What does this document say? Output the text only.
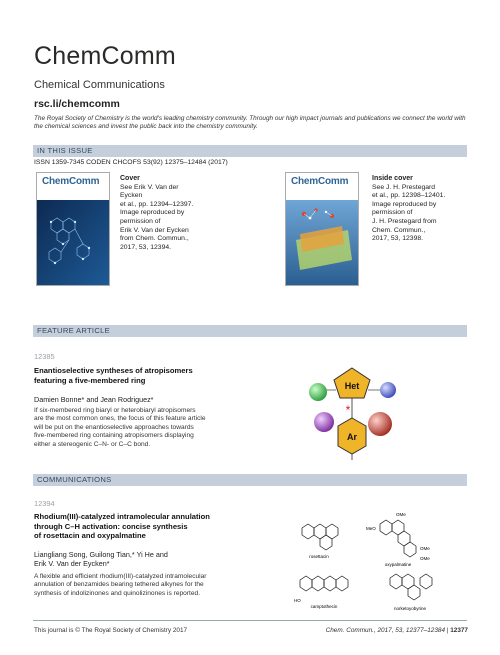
ChemComm
Chemical Communications
rsc.li/chemcomm
The Royal Society of Chemistry is the world's leading chemistry community. Through our high impact journals and publications we connect the world with the chemical sciences and invest the public back into the chemistry community.
IN THIS ISSUE
ISSN 1359-7345 CODEN CHCOFS 53(92) 12375–12484 (2017)
ChemComm	Cover
See Erik V. Van der Eycken
et al., pp. 12394–12397.
Image reproduced by
permission of
Erik V. Van der Eycken
from Chem. Commun.,
2017, 53, 12394.
ChemComm	Inside cover
See J. H. Prestegard
et al., pp. 12398–12401.
Image reproduced by
permission of
J. H. Prestegard from
Chem. Commun.,
2017, 53, 12398.
FEATURE ARTICLE
12385
Enantioselective syntheses of atropisomers
featuring a five-membered ring
Damien Bonne* and Jean Rodriguez*
If six-membered ring biaryl or heterobiaryl atropisomers
are the most common ones, the focus of this feature article
will be put on the enantioselective approaches towards
five-membered ring containing atropisomers displaying
either a stereogenic C–N- or C–C bond.
Het
*
Ar
COMMUNICATIONS
12394
Rhodium(III)-catalyzed intramolecular annulation
through C–H activation: concise synthesis
of rosettacin and oxypalmatine
Liangliang Song, Guilong Tian,* Yi He and
Erik V. Van der Eycken*
A flexible and efficient rhodium(III)-catalyzed intramolecular
annulation of benzamides bearing tethered alkynes for the
synthesis of indolizinones and quinolizinones is reported.
rosettacin
oxypalmatine
camptothecin	norketoyobyrine
OMe
MeO
OMe
OMe
HO
This journal is © The Royal Society of Chemistry 2017	Chem. Commun., 2017, 53, 12377–12384 | 12377
